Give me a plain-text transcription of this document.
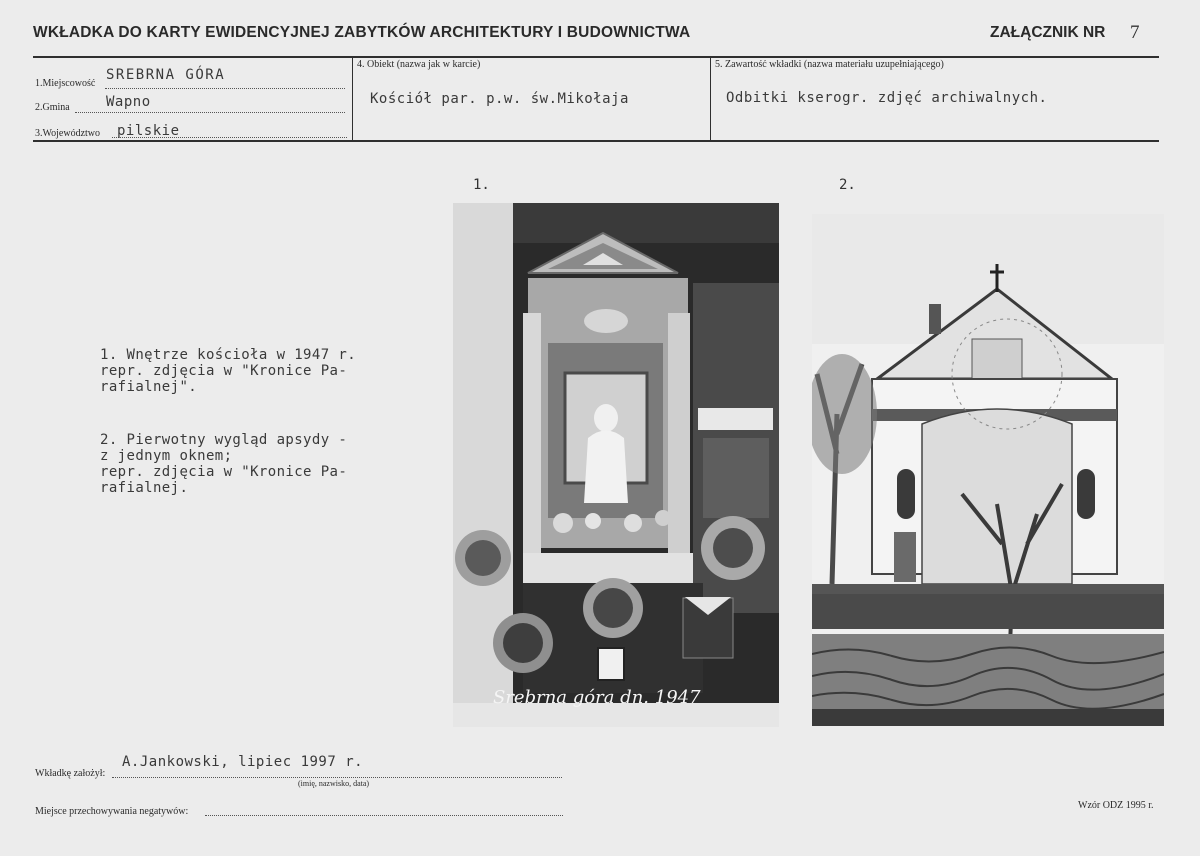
WKŁADKA DO KARTY EWIDENCYJNEJ ZABYTKÓW ARCHITEKTURY I BUDOWNICTWA	ZAŁĄCZNIK NR 7
1.Miejscowość
SREBRNA GÓRA
2.Gmina	Wapno
3.Województwo pilskie
4. Obiekt (nazwa jak w karcie)
Kościół par. p.w. św.Mikołaja
5. Zawartość wkładki (nazwa materiału uzupełniającego)
Odbitki kserogr. zdjęć archiwalnych.
1. Wnętrze kościoła w 1947 r.
repr. zdjęcia w "Kronice Pa-
rafialnej".
2. Pierwotny wygląd apsydy -
z jednym oknem;
repr. zdjęcia w "Kronice Pa-
rafialnej.
1.	2.
Srebrna góra dn. 1947
Wkładkę założył:
A.Jankowski, lipiec 1997 r.
(imię, nazwisko, data)
Miejsce przechowywania negatywów:
Wzór ODZ 1995 r.
